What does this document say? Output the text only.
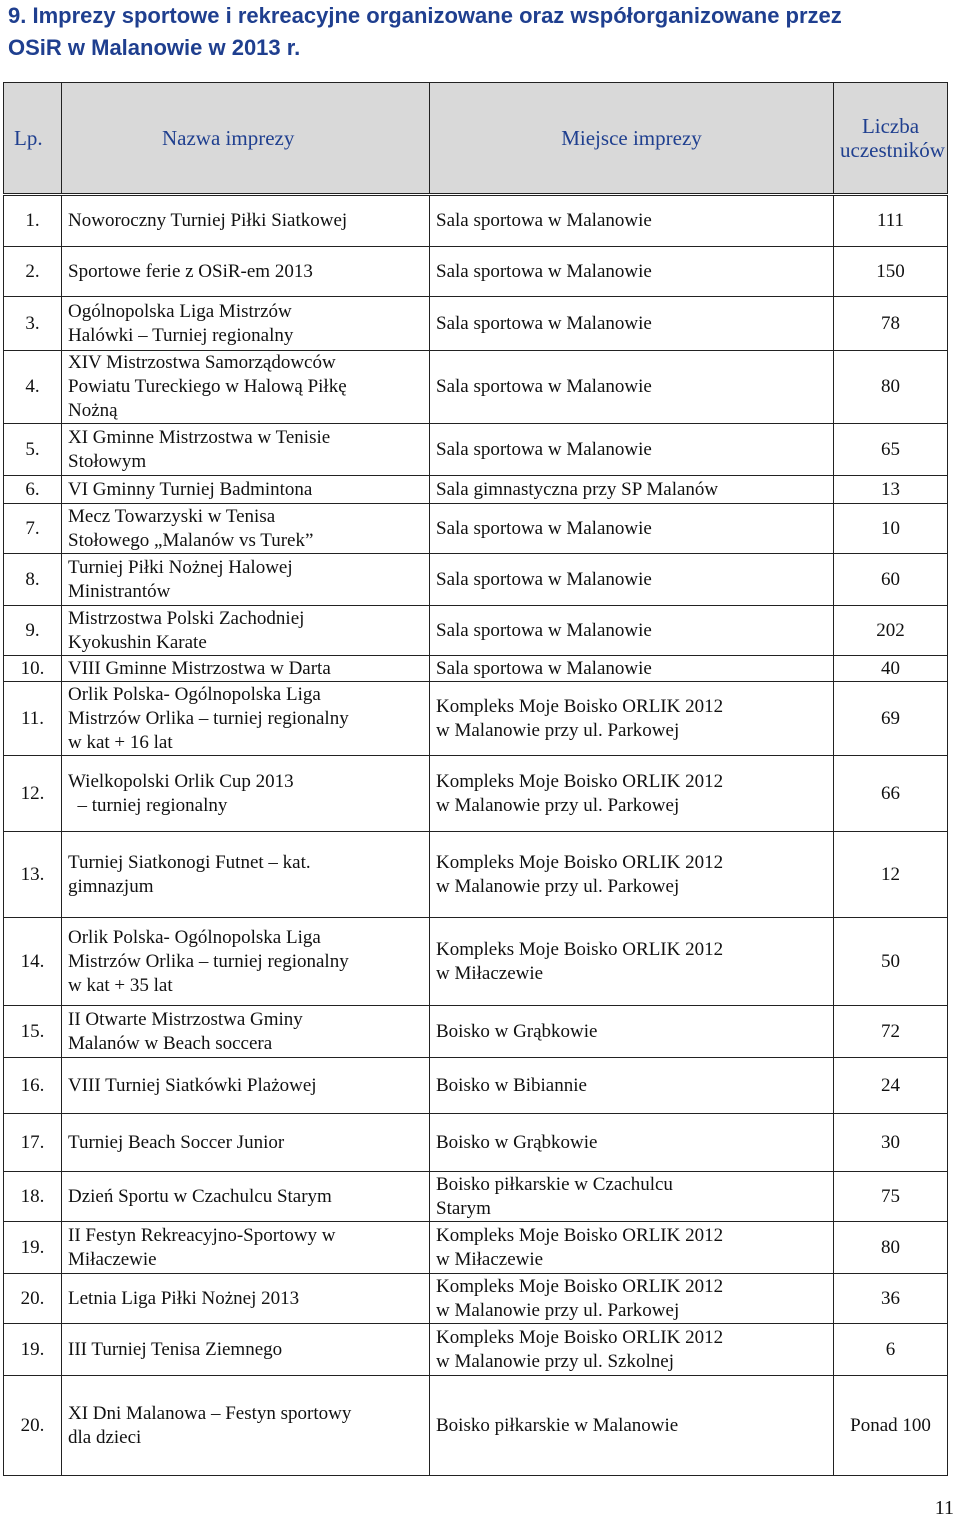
9. Imprezy sportowe i rekreacyjne organizowane oraz współorganizowane przez
OSiR w Malanowie w 2013 r.
Lp.	Nazwa imprezy	Miejsce imprezy	Liczba
uczestników

1.	Noworoczny Turniej Piłki Siatkowej	Sala sportowa w Malanowie	111
2.	Sportowe ferie z OSiR-em 2013	Sala sportowa w Malanowie	150
3.	Ogólnopolska Liga Mistrzów
Halówki – Turniej regionalny	Sala sportowa w Malanowie	78
4.	XIV Mistrzostwa Samorządowców
Powiatu Tureckiego w Halową Piłkę
Nożną	Sala sportowa w Malanowie	80
5.	XI Gminne Mistrzostwa w Tenisie
Stołowym	Sala sportowa w Malanowie	65
6.	VI Gminny Turniej Badmintona	Sala gimnastyczna przy SP Malanów	13
7.	Mecz Towarzyski w Tenisa
Stołowego „Malanów vs Turek”	Sala sportowa w Malanowie	10
8.	Turniej Piłki Nożnej Halowej
Ministrantów	Sala sportowa w Malanowie	60
9.	Mistrzostwa Polski Zachodniej
Kyokushin Karate	Sala sportowa w Malanowie	202
10.	VIII Gminne Mistrzostwa w Darta	Sala sportowa w Malanowie	40
11.	Orlik Polska- Ogólnopolska Liga
Mistrzów Orlika – turniej regionalny
w kat + 16 lat	Kompleks Moje Boisko ORLIK 2012
w Malanowie przy ul. Parkowej	69
12.	Wielkopolski Orlik Cup 2013
– turniej regionalny	Kompleks Moje Boisko ORLIK 2012
w Malanowie przy ul. Parkowej	66
13.	Turniej Siatkonogi Futnet – kat.
gimnazjum	Kompleks Moje Boisko ORLIK 2012
w Malanowie przy ul. Parkowej	12
14.	Orlik Polska- Ogólnopolska Liga
Mistrzów Orlika – turniej regionalny
w kat + 35 lat	Kompleks Moje Boisko ORLIK 2012
w Miłaczewie	50
15.	II Otwarte Mistrzostwa Gminy
Malanów w Beach soccera	Boisko w Grąbkowie	72
16.	VIII Turniej Siatkówki Plażowej	Boisko w Bibiannie	24
17.	Turniej Beach Soccer Junior	Boisko w Grąbkowie	30
18.	Dzień Sportu w Czachulcu Starym	Boisko piłkarskie w Czachulcu
Starym	75
19.	II Festyn Rekreacyjno-Sportowy w
Miłaczewie	Kompleks Moje Boisko ORLIK 2012
w Miłaczewie	80
20.	Letnia Liga Piłki Nożnej 2013	Kompleks Moje Boisko ORLIK 2012
w Malanowie przy ul. Parkowej	36
19.	III Turniej Tenisa Ziemnego	Kompleks Moje Boisko ORLIK 2012
w Malanowie przy ul. Szkolnej	6
20.	XI Dni Malanowa – Festyn sportowy
dla dzieci	Boisko piłkarskie w Malanowie	Ponad 100
11
